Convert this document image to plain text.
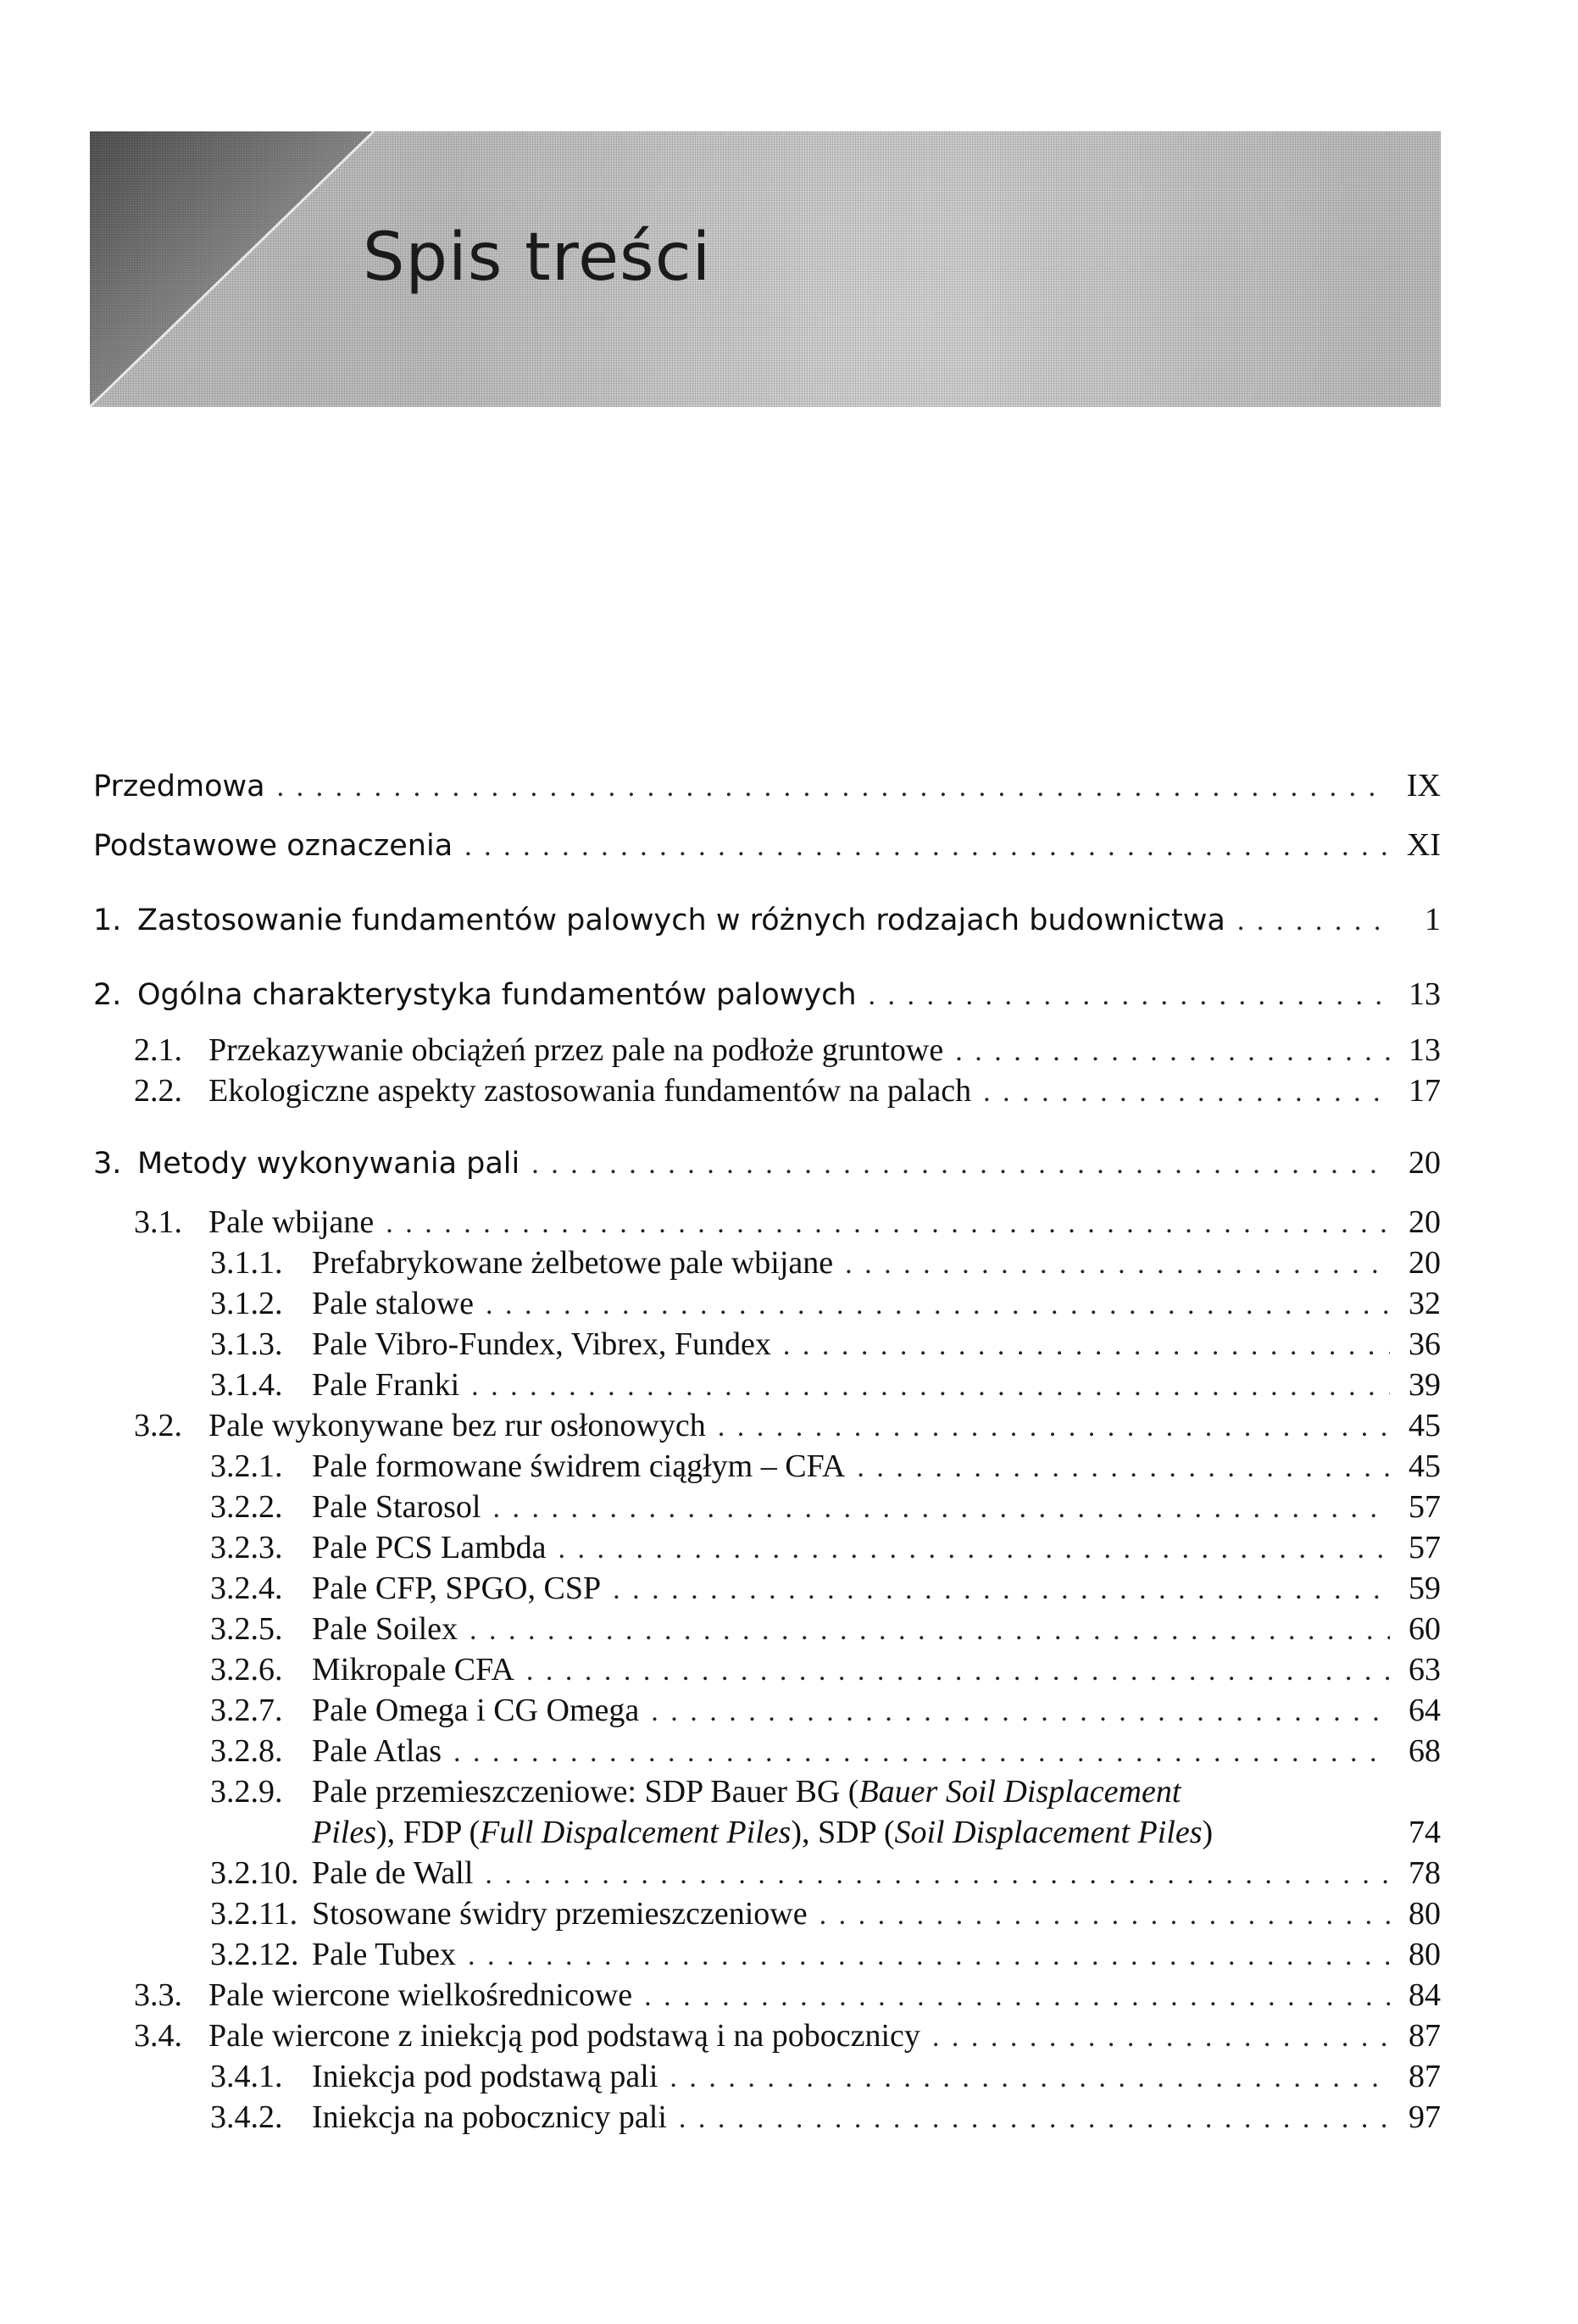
Spis treści
Przedmowa . . .	IX
Podstawowe oznaczenia . . .	XI
1. Zastosowanie fundamentów palowych w różnych rodzajach budownictwa . . .	1
2. Ogólna charakterystyka fundamentów palowych . . .	13
2.1. Przekazywanie obciążeń przez pale na podłoże gruntowe . . .	13
2.2. Ekologiczne aspekty zastosowania fundamentów na palach . . .	17
3. Metody wykonywania pali . . .	20
3.1. Pale wbijane . . .	20
3.1.1. Prefabrykowane żelbetowe pale wbijane . . .	20
3.1.2. Pale stalowe . . .	32
3.1.3. Pale Vibro-Fundex, Vibrex, Fundex . . .	36
3.1.4. Pale Franki . . .	39
3.2. Pale wykonywane bez rur osłonowych . . .	45
3.2.1. Pale formowane świdrem ciągłym – CFA . . .	45
3.2.2. Pale Starosol . . .	57
3.2.3. Pale PCS Lambda . . .	57
3.2.4. Pale CFP, SPGO, CSP . . .	59
3.2.5. Pale Soilex . . .	60
3.2.6. Mikropale CFA . . .	63
3.2.7. Pale Omega i CG Omega . . .	64
3.2.8. Pale Atlas . . .	68
3.2.9. Pale przemieszczeniowe: SDP Bauer BG ( Bauer Soil Displacement
Piles ), FDP ( Full Dispalcement Piles ), SDP ( Soil Displacement Piles )	74
3.2.10. Pale de Wall . . .	78
3.2.11. Stosowane świdry przemieszczeniowe . . .	80
3.2.12. Pale Tubex . . .	80
3.3. Pale wiercone wielkośrednicowe . . .	84
3.4. Pale wiercone z iniekcją pod podstawą i na pobocznicy . . .	87
3.4.1. Iniekcja pod podstawą pali . . .	87
3.4.2. Iniekcja na pobocznicy pali . . .	97
